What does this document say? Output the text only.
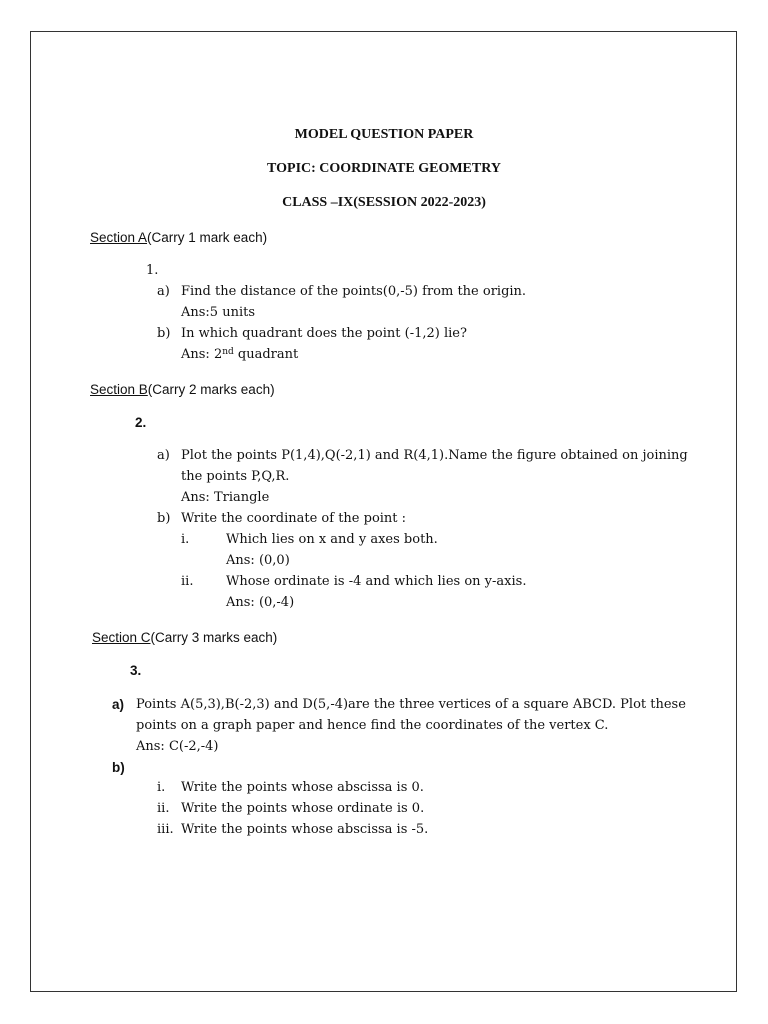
MODEL QUESTION PAPER
TOPIC: COORDINATE GEOMETRY
CLASS –IX(SESSION 2022-2023)
Section A(Carry 1 mark each)
1.
a) Find the distance of the points(0,-5) from the origin.
Ans:5 units
b) In which quadrant does the point (-1,2) lie?
Ans: 2nd quadrant
Section B(Carry 2 marks each)
2.
a) Plot the points P(1,4),Q(-2,1) and R(4,1).Name the figure obtained on joining
the points P,Q,R.
Ans: Triangle
b) Write the coordinate of the point :
i.	Which lies on x and y axes both.
Ans: (0,0)
ii.	Whose ordinate is -4 and which lies on y-axis.
Ans: (0,-4)
Section C(Carry 3 marks each)
3.
a) Points A(5,3),B(-2,3) and D(5,-4)are the three vertices of a square ABCD. Plot these
points on a graph paper and hence find the coordinates of the vertex C.
Ans: C(-2,-4)
b)
i. Write the points whose abscissa is 0.
ii. Write the points whose ordinate is 0.
iii. Write the points whose abscissa is -5.
